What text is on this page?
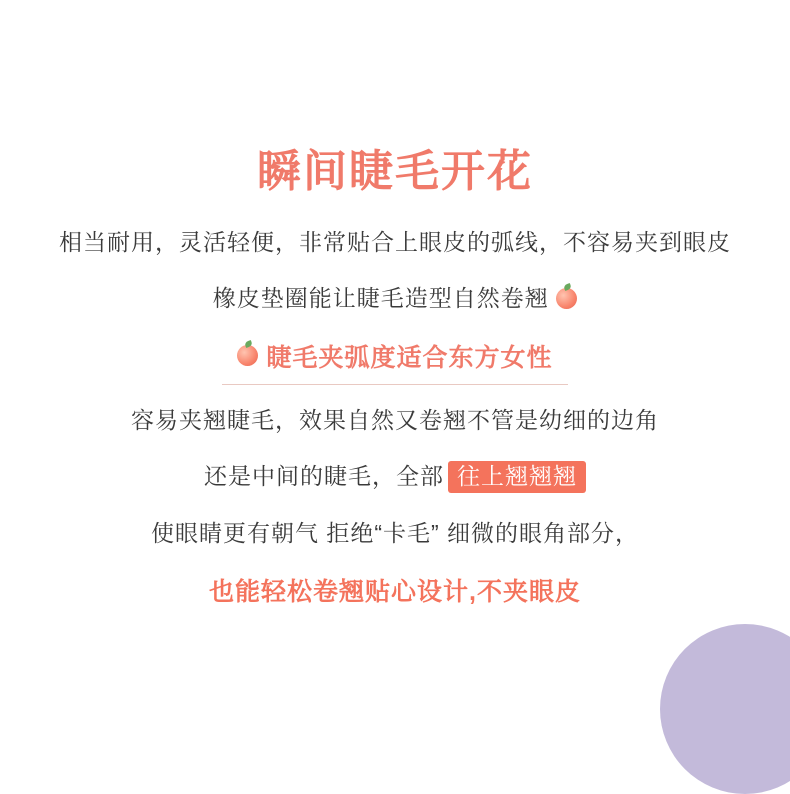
瞬间睫毛开花

相当耐用，灵活轻便，非常贴合上眼皮的弧线，不容易夹到眼皮

橡皮垫圈能让睫毛造型自然卷翘

睫毛夹弧度适合东方女性

容易夹翘睫毛，效果自然又卷翘不管是幼细的边角

还是中间的睫毛，全部 往上翘翘翘

使眼睛更有朝气 拒绝“卡毛” 细微的眼角部分，

也能轻松卷翘贴心设计,不夹眼皮
